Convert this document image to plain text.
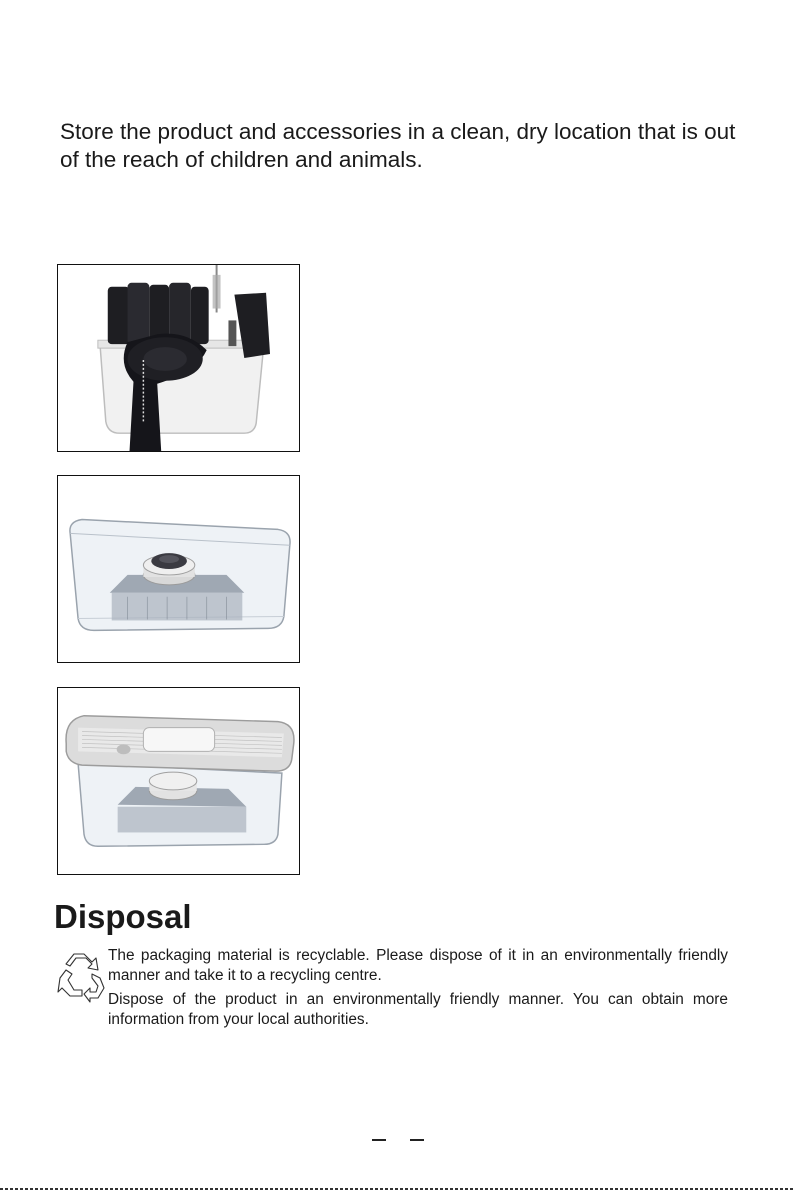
Store the product and accessories in a clean, dry location that is out of the reach of children and animals.

Disposal

The packaging material is recyclable. Please dispose of it in an environmentally friendly manner and take it to a recycling centre.

Dispose of the product in an environmentally friendly manner. You can obtain more information from your local authorities.
